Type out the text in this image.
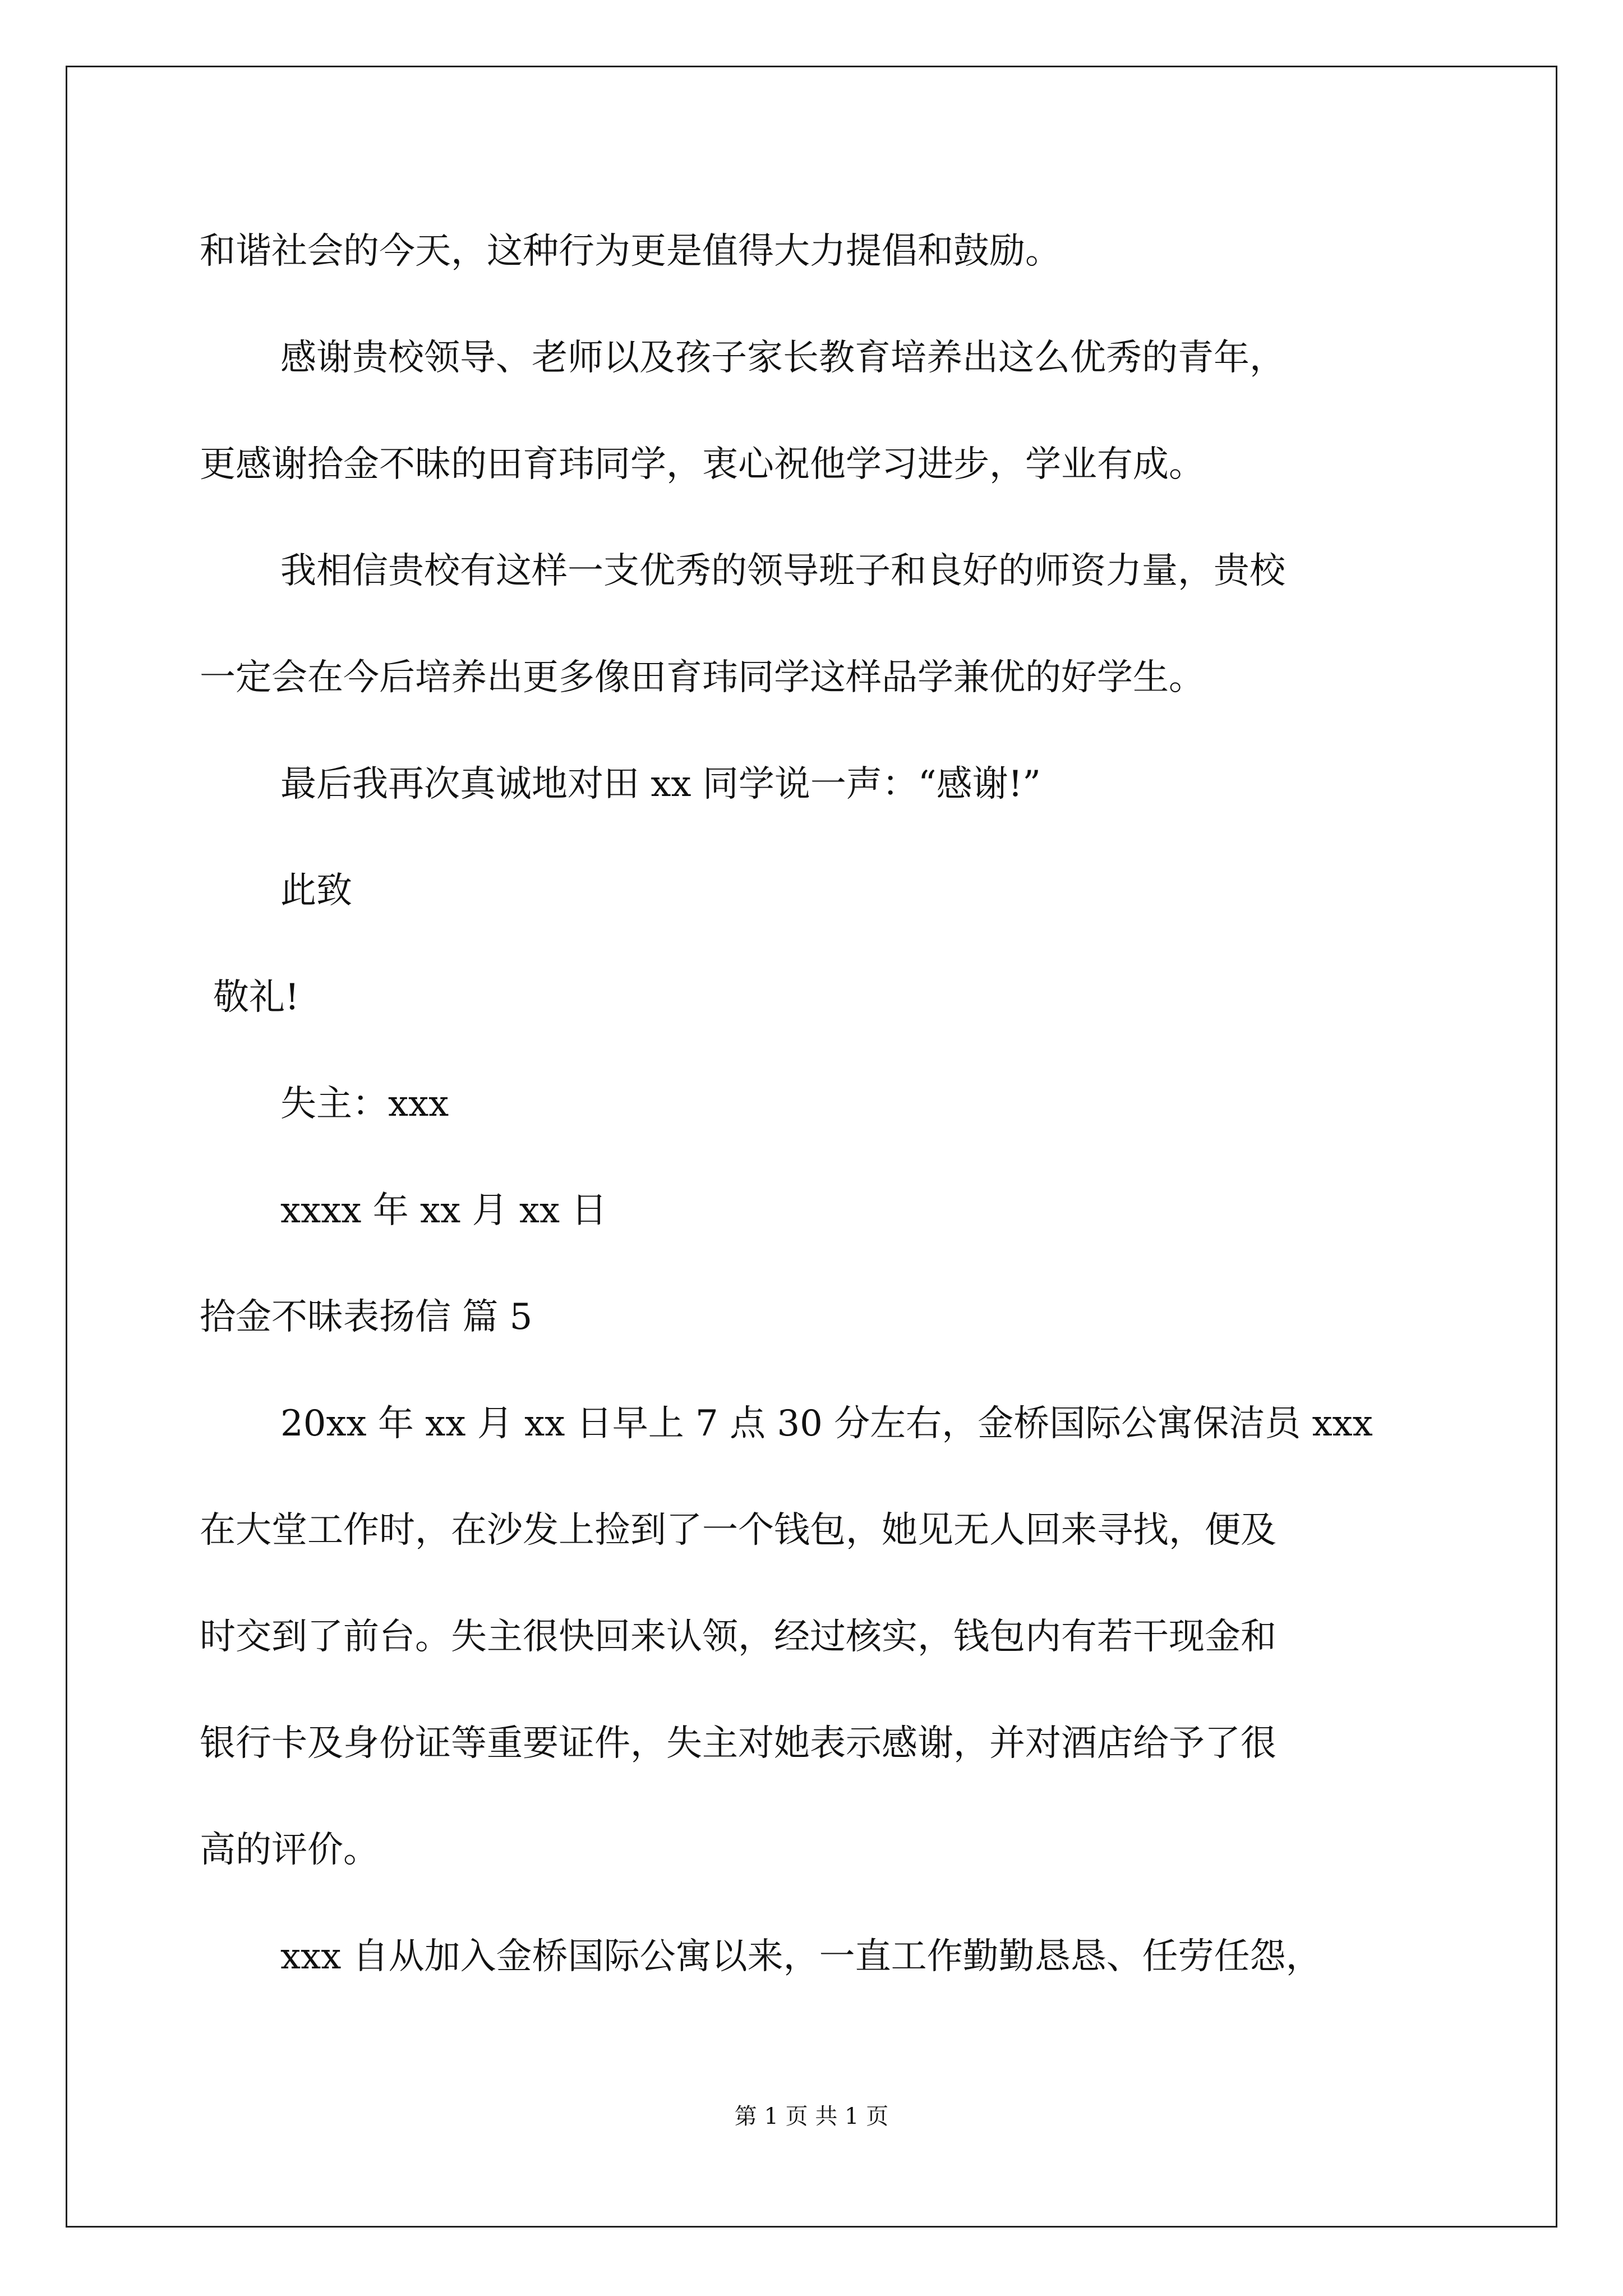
和谐社会的今天，这种行为更是值得大力提倡和鼓励。
感谢贵校领导、老师以及孩子家长教育培养出这么优秀的青年，
更感谢拾金不昧的田育玮同学，衷心祝他学习进步，学业有成。
我相信贵校有这样一支优秀的领导班子和良好的师资力量，贵校
一定会在今后培养出更多像田育玮同学这样品学兼优的好学生。
最后我再次真诚地对田 xx 同学说一声：“感谢!”
此致
敬礼!
失主：xxx
xxxx 年 xx 月 xx 日
拾金不昧表扬信 篇 5
20xx 年 xx 月 xx 日早上 7 点 30 分左右，金桥国际公寓保洁员 xxx
在大堂工作时，在沙发上捡到了一个钱包，她见无人回来寻找，便及
时交到了前台。失主很快回来认领，经过核实，钱包内有若干现金和
银行卡及身份证等重要证件，失主对她表示感谢，并对酒店给予了很
高的评价。
xxx 自从加入金桥国际公寓以来，一直工作勤勤恳恳、任劳任怨，
第 1 页 共 1 页
